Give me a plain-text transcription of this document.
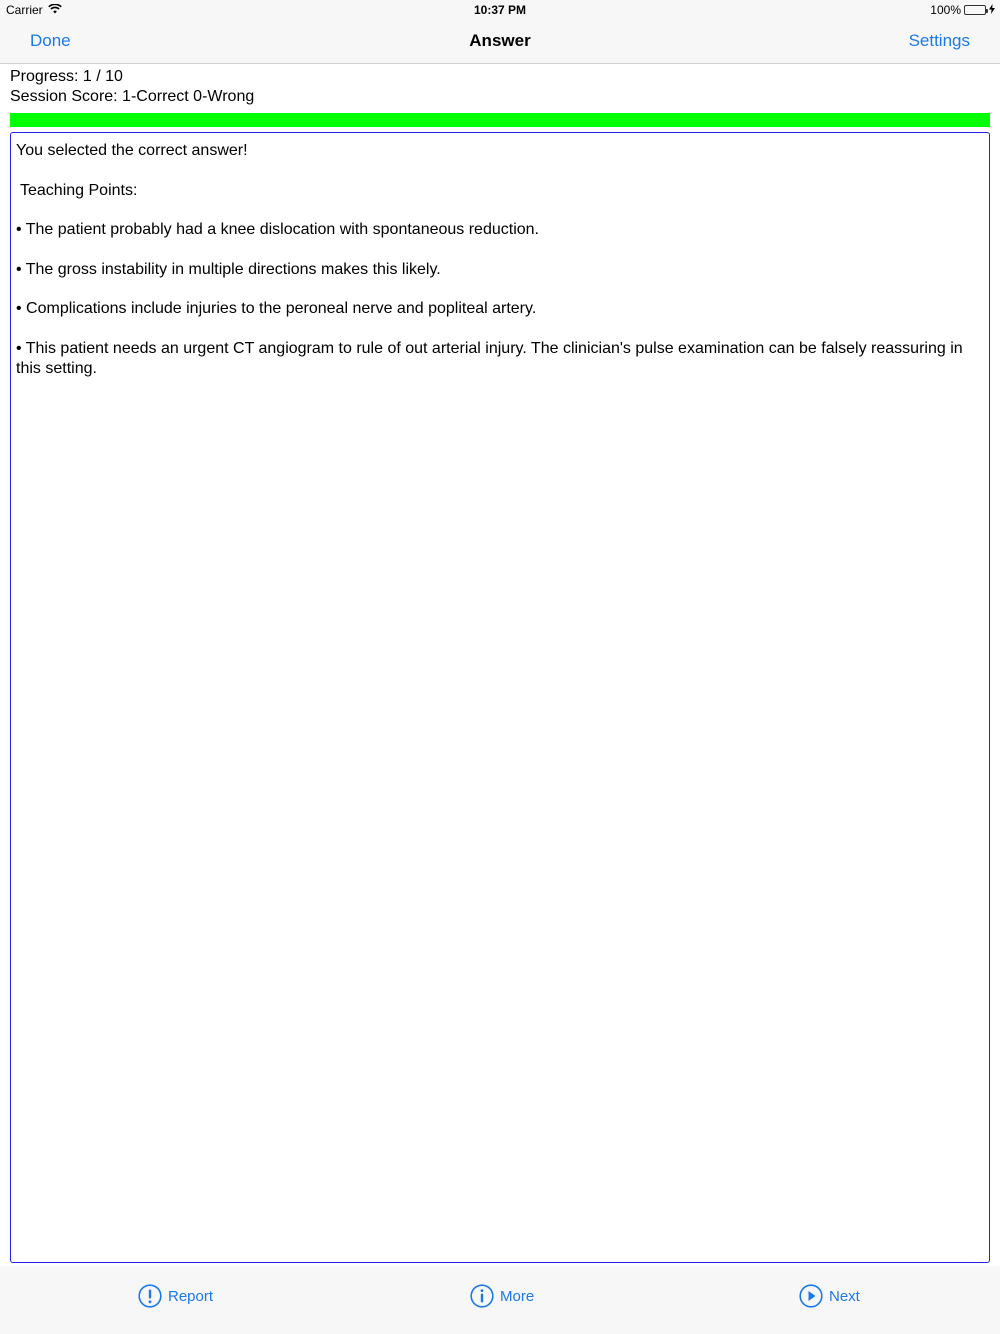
Carrier	10:37 PM	100%
Done	Answer	Settings
Progress: 1 / 10
Session Score: 1-Correct 0-Wrong

You selected the correct answer!

Teaching Points:

• The patient probably had a knee dislocation with spontaneous reduction.

• The gross instability in multiple directions makes this likely.

• Complications include injuries to the peroneal nerve and popliteal artery.

• This patient needs an urgent CT angiogram to rule of out arterial injury. The clinician's pulse examination can be falsely reassuring in this setting.

Report	More	Next
